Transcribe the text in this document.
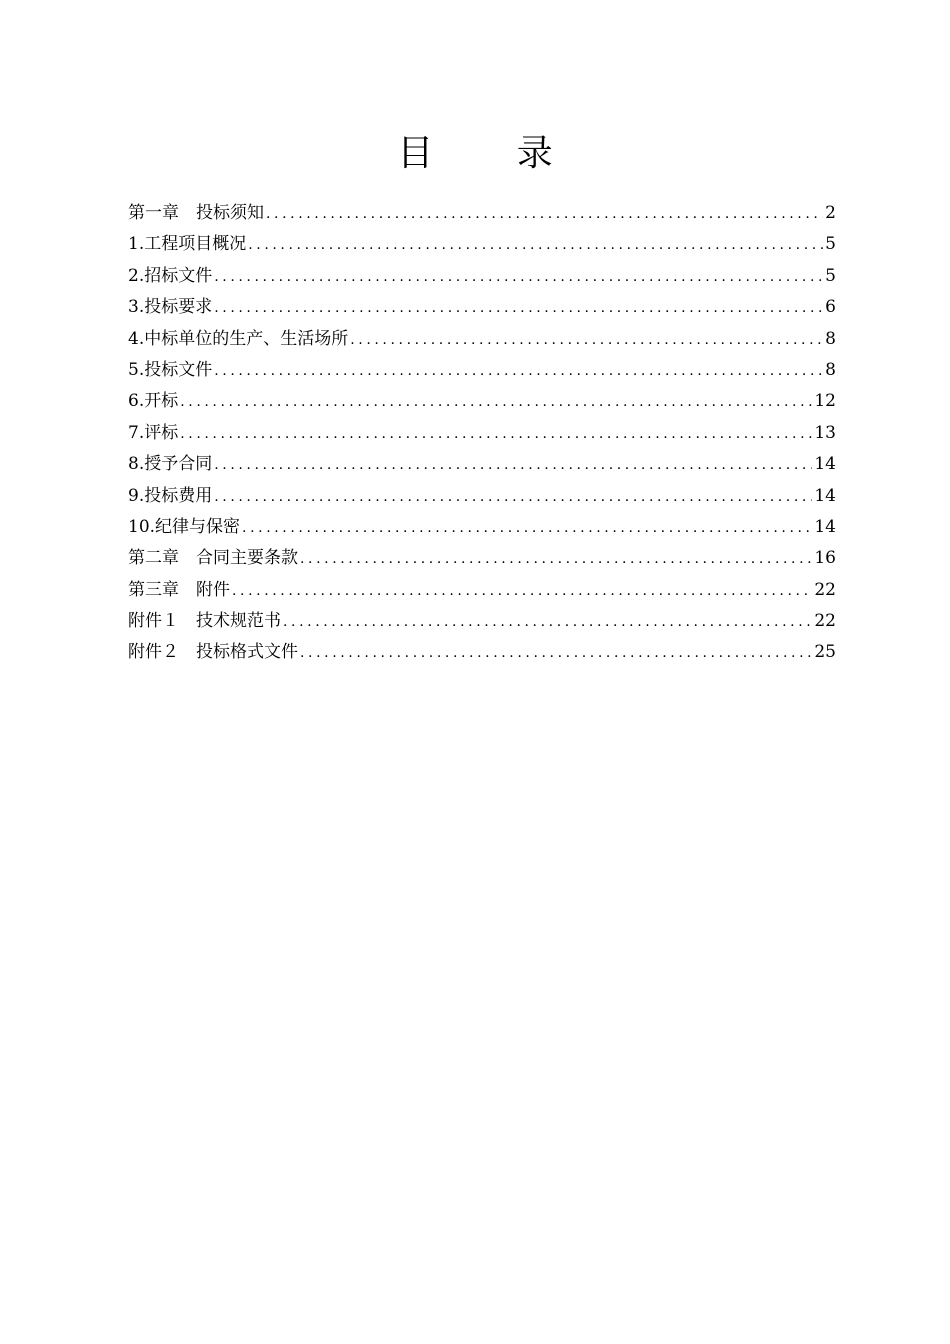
目 录
第一章　投标须知 .....	2
1.工程项目概况 .....	5
2.招标文件 .....	5
3.投标要求 .....	6
4.中标单位的生产、生活场所 .....	8
5.投标文件 .....	8
6.开标 .....	12
7.评标 .....	13
8.授予合同 .....	14
9.投标费用 .....	14
10.纪律与保密 .....	14
第二章　合同主要条款 .....	16
第三章　附件 .....	22
附件１　技术规范书 .....	22
附件２　投标格式文件 .....	25
